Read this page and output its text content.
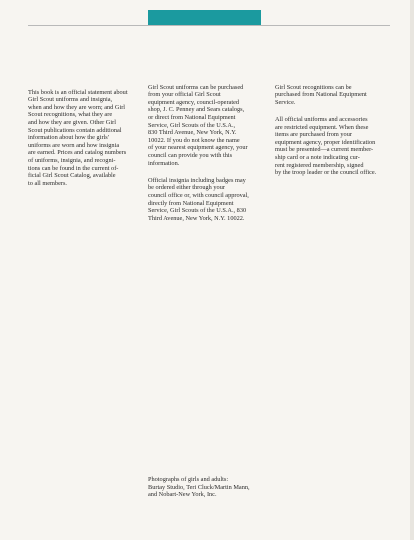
This book is an official statement about
Girl Scout uniforms and insignia,
when and how they are worn; and Girl
Scout recognitions, what they are
and how they are given. Other Girl
Scout publications contain additional
information about how the girls'
uniforms are worn and how insignia
are earned. Prices and catalog numbers
of uniforms, insignia, and recogni-
tions can be found in the current of-
ficial Girl Scout Catalog, available
to all members.

Girl Scout uniforms can be purchased
from your official Girl Scout
equipment agency, council-operated
shop, J. C. Penney and Sears catalogs,
or direct from National Equipment
Service, Girl Scouts of the U.S.A.,
830 Third Avenue, New York, N.Y.
10022. If you do not know the name
of your nearest equipment agency, your
council can provide you with this
information.

Official insignia including badges may
be ordered either through your
council office or, with council approval,
directly from National Equipment
Service, Girl Scouts of the U.S.A., 830
Third Avenue, New York, N.Y. 10022.

Girl Scout recognitions can be
purchased from National Equipment
Service.

All official uniforms and accessories
are restricted equipment. When these
items are purchased from your
equipment agency, proper identification
must be presented—a current member-
ship card or a note indicating cur-
rent registered membership, signed
by the troop leader or the council office.

Photographs of girls and adults:
Burtay Studio, Teri Cluck/Martin Mann,
and Nobart-New York, Inc.
